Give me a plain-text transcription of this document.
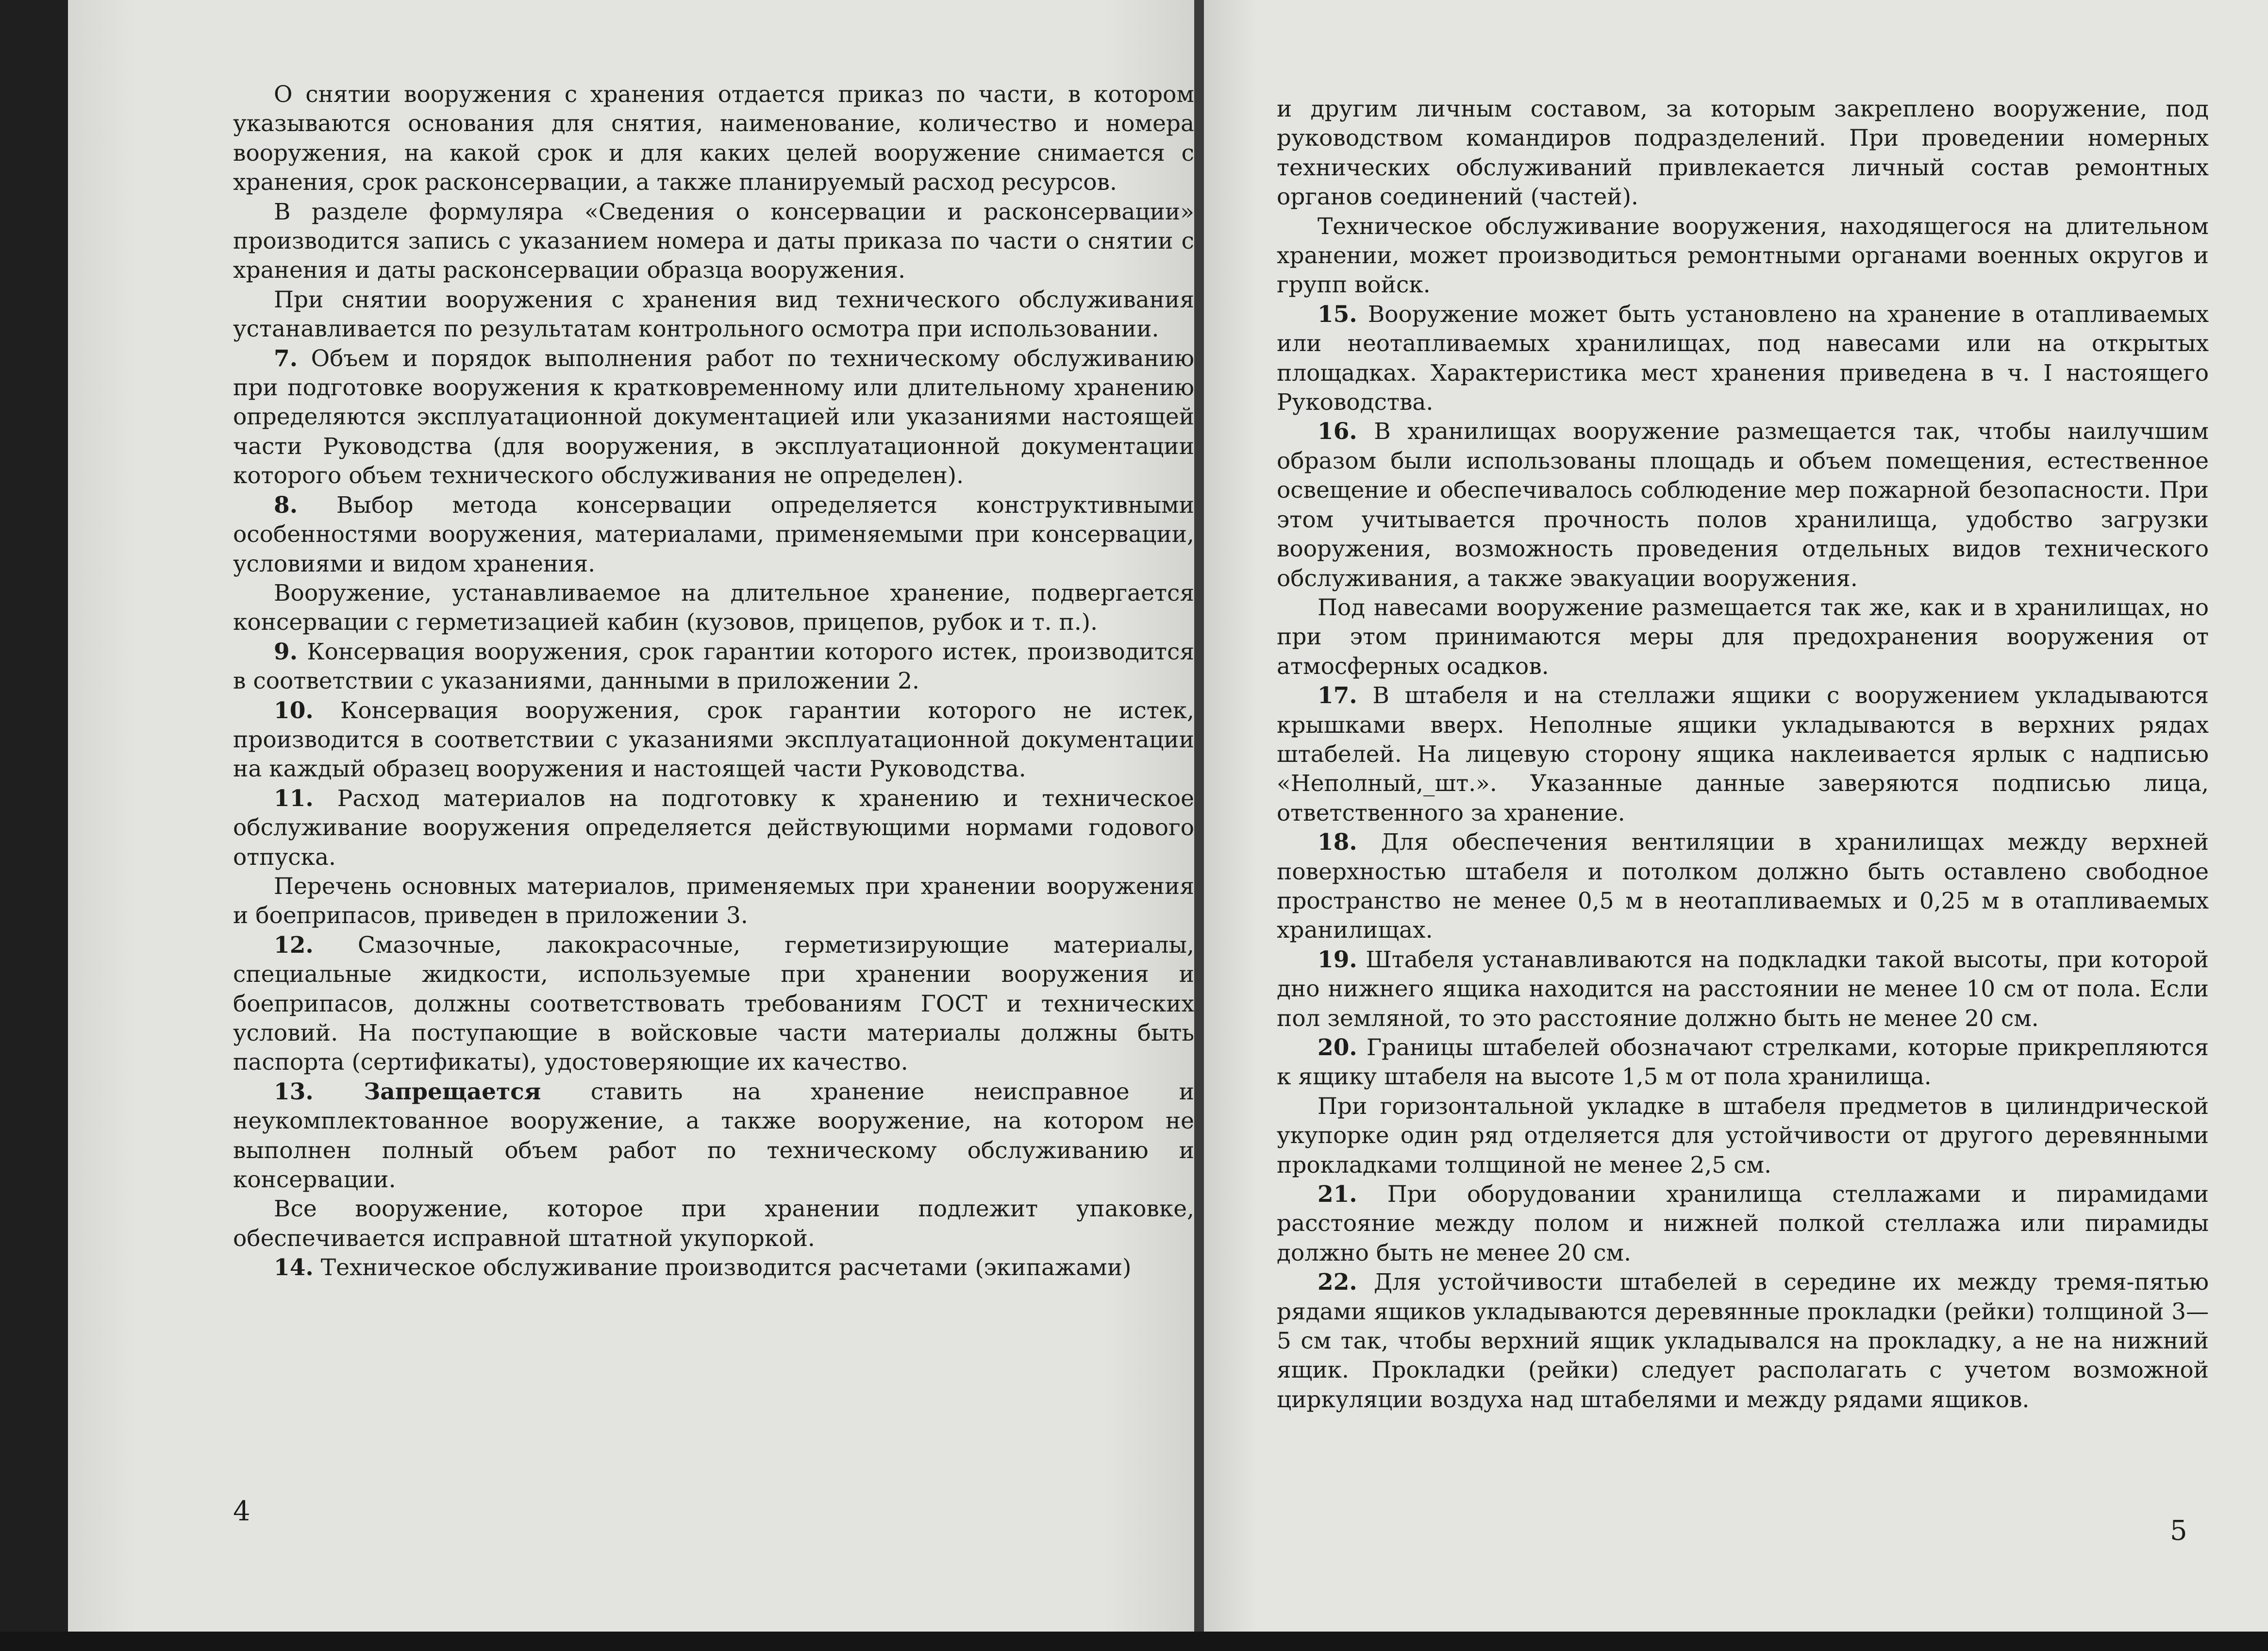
О снятии вооружения с хранения отдается приказ по части, в котором указываются основания для снятия, наименование, количество и номера вооружения, на какой срок и для каких целей вооружение снимается с хранения, срок расконсервации, а также планируемый расход ресурсов.

В разделе формуляра «Сведения о консервации и расконсервации» производится запись с указанием номера и даты приказа по части о снятии с хранения и даты расконсервации образца вооружения.

При снятии вооружения с хранения вид технического обслуживания устанавливается по результатам контрольного осмотра при использовании.

7. Объем и порядок выполнения работ по техническому обслуживанию при подготовке вооружения к кратковременному или длительному хранению определяются эксплуатационной документацией или указаниями настоящей части Руководства (для вооружения, в эксплуатационной документации которого объем технического обслуживания не определен).

8. Выбор метода консервации определяется конструктивными особенностями вооружения, материалами, применяемыми при консервации, условиями и видом хранения.

Вооружение, устанавливаемое на длительное хранение, подвергается консервации с герметизацией кабин (кузовов, прицепов, рубок и т. п.).

9. Консервация вооружения, срок гарантии которого истек, производится в соответствии с указаниями, данными в приложении 2.

10. Консервация вооружения, срок гарантии которого не истек, производится в соответствии с указаниями эксплуатационной документации на каждый образец вооружения и настоящей части Руководства.

11. Расход материалов на подготовку к хранению и техническое обслуживание вооружения определяется действующими нормами годового отпуска.

Перечень основных материалов, применяемых при хранении вооружения и боеприпасов, приведен в приложении 3.

12. Смазочные, лакокрасочные, герметизирующие материалы, специальные жидкости, используемые при хранении вооружения и боеприпасов, должны соответствовать требованиям ГОСТ и технических условий. На поступающие в войсковые части материалы должны быть паспорта (сертификаты), удостоверяющие их качество.

13. Запрещается ставить на хранение неисправное и неукомплектованное вооружение, а также вооружение, на котором не выполнен полный объем работ по техническому обслуживанию и консервации.

Все вооружение, которое при хранении подлежит упаковке, обеспечивается исправной штатной укупоркой.

14. Техническое обслуживание производится расчетами (экипажами)

4

и другим личным составом, за которым закреплено вооружение, под руководством командиров подразделений. При проведении номерных технических обслуживаний привлекается личный состав ремонтных органов соединений (частей).

Техническое обслуживание вооружения, находящегося на длительном хранении, может производиться ремонтными органами военных округов и групп войск.

15. Вооружение может быть установлено на хранение в отапливаемых или неотапливаемых хранилищах, под навесами или на открытых площадках. Характеристика мест хранения приведена в ч. I настоящего Руководства.

16. В хранилищах вооружение размещается так, чтобы наилучшим образом были использованы площадь и объем помещения, естественное освещение и обеспечивалось соблюдение мер пожарной безопасности. При этом учитывается прочность полов хранилища, удобство загрузки вооружения, возможность проведения отдельных видов технического обслуживания, а также эвакуации вооружения.

Под навесами вооружение размещается так же, как и в хранилищах, но при этом принимаются меры для предохранения вооружения от атмосферных осадков.

17. В штабеля и на стеллажи ящики с вооружением укладываются крышками вверх. Неполные ящики укладываются в верхних рядах штабелей. На лицевую сторону ящика наклеивается ярлык с надписью «Неполный,_шт.». Указанные данные заверяются подписью лица, ответственного за хранение.

18. Для обеспечения вентиляции в хранилищах между верхней поверхностью штабеля и потолком должно быть оставлено свободное пространство не менее 0,5 м в неотапливаемых и 0,25 м в отапливаемых хранилищах.

19. Штабеля устанавливаются на подкладки такой высоты, при которой дно нижнего ящика находится на расстоянии не менее 10 см от пола. Если пол земляной, то это расстояние должно быть не менее 20 см.

20. Границы штабелей обозначают стрелками, которые прикрепляются к ящику штабеля на высоте 1,5 м от пола хранилища.

При горизонтальной укладке в штабеля предметов в цилиндрической укупорке один ряд отделяется для устойчивости от другого деревянными прокладками толщиной не менее 2,5 см.

21. При оборудовании хранилища стеллажами и пирамидами расстояние между полом и нижней полкой стеллажа или пирамиды должно быть не менее 20 см.

22. Для устойчивости штабелей в середине их между тремя-пятью рядами ящиков укладываются деревянные прокладки (рейки) толщиной 3—5 см так, чтобы верхний ящик укладывался на прокладку, а не на нижний ящик. Прокладки (рейки) следует располагать с учетом возможной циркуляции воздуха над штабелями и между рядами ящиков.

5
